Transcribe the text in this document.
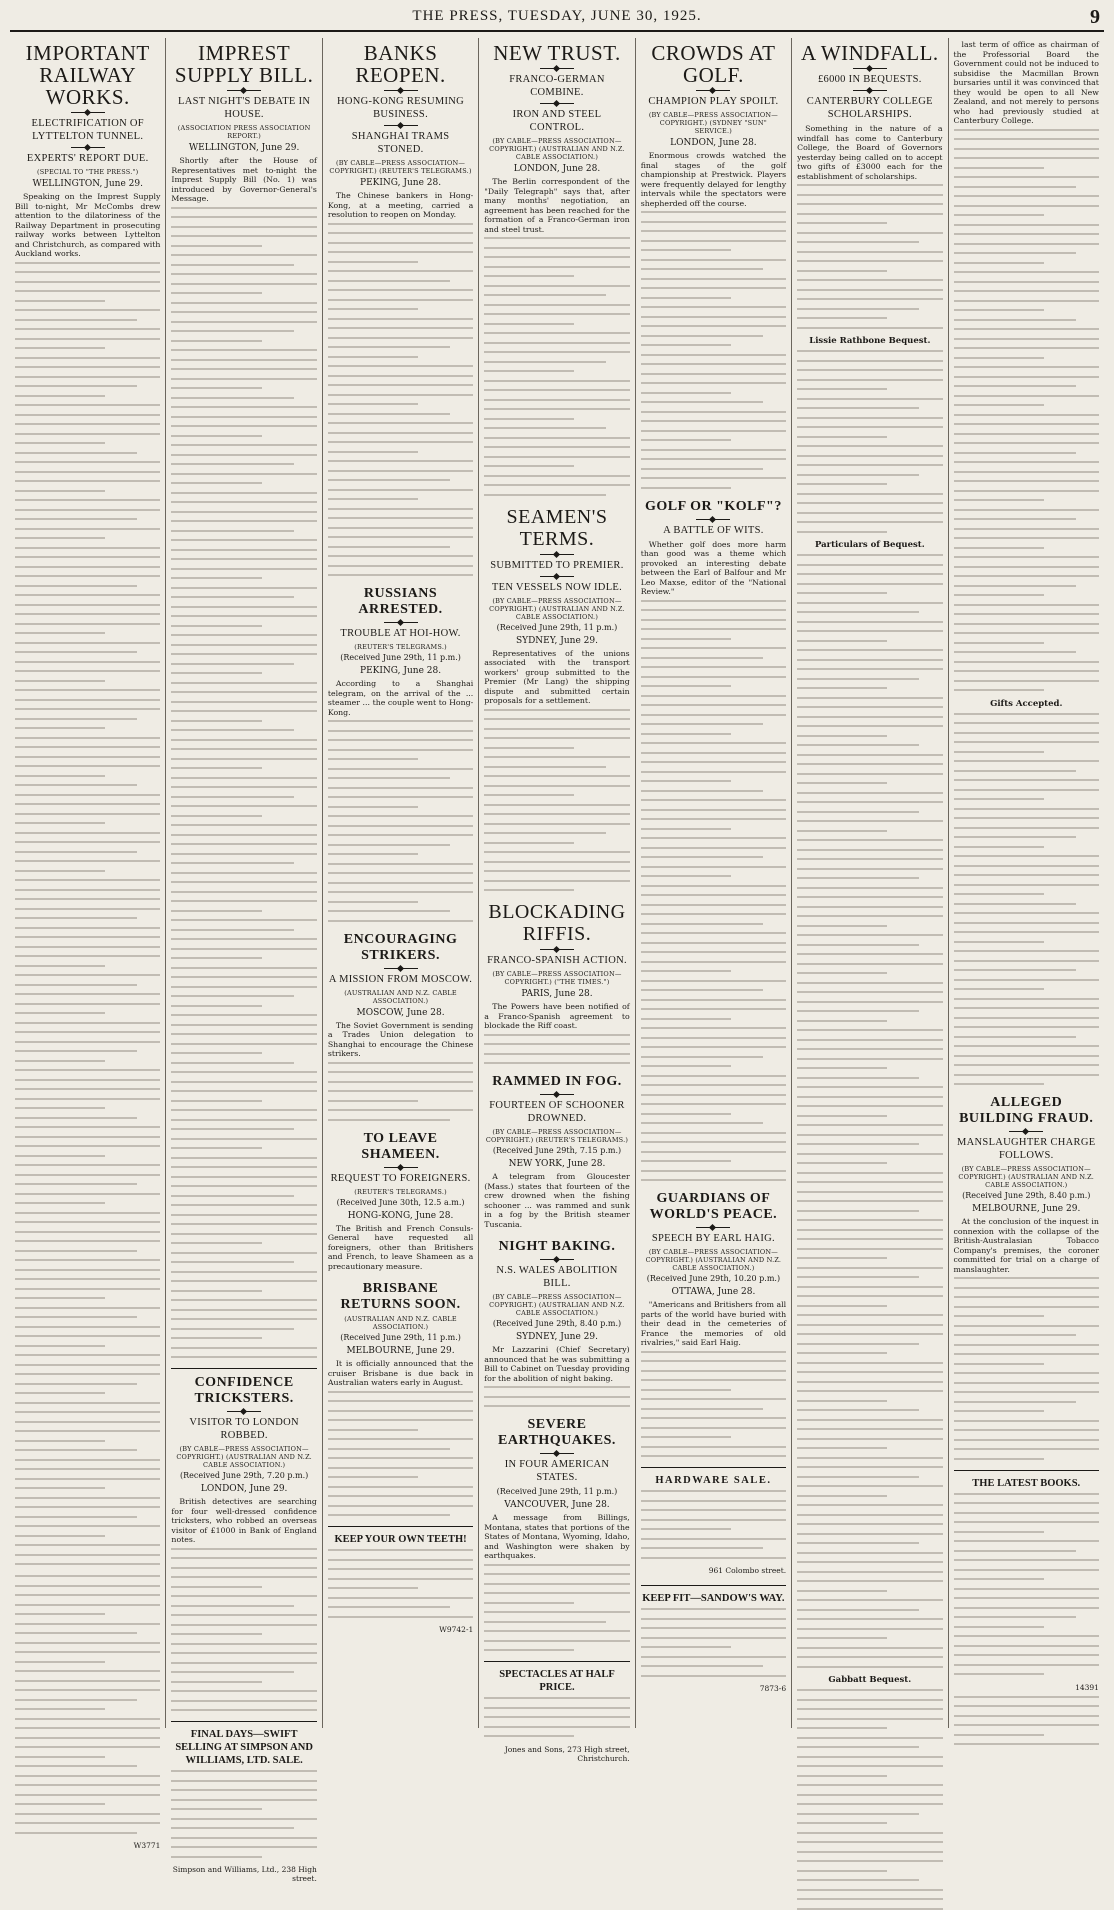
THE PRESS, TUESDAY, JUNE 30, 1925.	9
IMPORTANT RAILWAY WORKS.
ELECTRIFICATION OF LYTTELTON TUNNEL.
EXPERTS' REPORT DUE.
(SPECIAL TO "THE PRESS.")
WELLINGTON, June 29.

Speaking on the Imprest Supply Bill to-night, Mr McCombs drew attention to the dilatoriness of the Railway Department in prosecuting railway works between Lyttelton and Christchurch, as compared with Auckland works.

W3771
IMPREST SUPPLY BILL.
LAST NIGHT'S DEBATE IN HOUSE.
(ASSOCIATION PRESS ASSOCIATION REPORT.)
WELLINGTON, June 29.

Shortly after the House of Representatives met to-night the Imprest Supply Bill (No. 1) was introduced by Governor-General's Message.

CONFIDENCE TRICKSTERS.
VISITOR TO LONDON ROBBED.
(BY CABLE—PRESS ASSOCIATION—COPYRIGHT.) (AUSTRALIAN AND N.Z. CABLE ASSOCIATION.)
(Received June 29th, 7.20 p.m.)
LONDON, June 29.

British detectives are searching for four well-dressed confidence tricksters, who robbed an overseas visitor of £1000 in Bank of England notes.

FINAL DAYS—SWIFT SELLING AT SIMPSON AND WILLIAMS, LTD. SALE.
Simpson and Williams, Ltd., 238 High street.
BANKS REOPEN.
HONG-KONG RESUMING BUSINESS.
SHANGHAI TRAMS STONED.
(BY CABLE—PRESS ASSOCIATION—COPYRIGHT.) (REUTER'S TELEGRAMS.)
PEKING, June 28.

The Chinese bankers in Hong-Kong, at a meeting, carried a resolution to reopen on Monday.

RUSSIANS ARRESTED.
TROUBLE AT HOI-HOW.
(REUTER'S TELEGRAMS.)
(Received June 29th, 11 p.m.)
PEKING, June 28.

According to a Shanghai telegram, on the arrival of the ... steamer ... the couple went to Hong-Kong.

ENCOURAGING STRIKERS.
A MISSION FROM MOSCOW.
(AUSTRALIAN AND N.Z. CABLE ASSOCIATION.)
MOSCOW, June 28.

The Soviet Government is sending a Trades Union delegation to Shanghai to encourage the Chinese strikers.

TO LEAVE SHAMEEN.
REQUEST TO FOREIGNERS.
(REUTER'S TELEGRAMS.)
(Received June 30th, 12.5 a.m.)
HONG-KONG, June 28.

The British and French Consuls-General have requested all foreigners, other than Britishers and French, to leave Shameen as a precautionary measure.

BRISBANE RETURNS SOON.
(AUSTRALIAN AND N.Z. CABLE ASSOCIATION.)
(Received June 29th, 11 p.m.)
MELBOURNE, June 29.

It is officially announced that the cruiser Brisbane is due back in Australian waters early in August.

KEEP YOUR OWN TEETH!
W9742-1
NEW TRUST.
FRANCO-GERMAN COMBINE.
IRON AND STEEL CONTROL.
(BY CABLE—PRESS ASSOCIATION—COPYRIGHT.) (AUSTRALIAN AND N.Z. CABLE ASSOCIATION.)
LONDON, June 28.

The Berlin correspondent of the "Daily Telegraph" says that, after many months' negotiation, an agreement has been reached for the formation of a Franco-German iron and steel trust.

SEAMEN'S TERMS.
SUBMITTED TO PREMIER.
TEN VESSELS NOW IDLE.
(BY CABLE—PRESS ASSOCIATION—COPYRIGHT.) (AUSTRALIAN AND N.Z. CABLE ASSOCIATION.)
(Received June 29th, 11 p.m.)
SYDNEY, June 29.

Representatives of the unions associated with the transport workers' group submitted to the Premier (Mr Lang) the shipping dispute and submitted certain proposals for a settlement.

BLOCKADING RIFFIS.
FRANCO-SPANISH ACTION.
(BY CABLE—PRESS ASSOCIATION—COPYRIGHT.) ("THE TIMES.")
PARIS, June 28.

The Powers have been notified of a Franco-Spanish agreement to blockade the Riff coast.

RAMMED IN FOG.
FOURTEEN OF SCHOONER DROWNED.
(BY CABLE—PRESS ASSOCIATION—COPYRIGHT.) (REUTER'S TELEGRAMS.)
(Received June 29th, 7.15 p.m.)
NEW YORK, June 28.

A telegram from Gloucester (Mass.) states that fourteen of the crew drowned when the fishing schooner ... was rammed and sunk in a fog by the British steamer Tuscania.

NIGHT BAKING.
N.S. WALES ABOLITION BILL.
(BY CABLE—PRESS ASSOCIATION—COPYRIGHT.) (AUSTRALIAN AND N.Z. CABLE ASSOCIATION.)
(Received June 29th, 8.40 p.m.)
SYDNEY, June 29.

Mr Lazzarini (Chief Secretary) announced that he was submitting a Bill to Cabinet on Tuesday providing for the abolition of night baking.

SEVERE EARTHQUAKES.
IN FOUR AMERICAN STATES.
(Received June 29th, 11 p.m.)
VANCOUVER, June 28.

A message from Billings, Montana, states that portions of the States of Montana, Wyoming, Idaho, and Washington were shaken by earthquakes.

SPECTACLES AT HALF PRICE.
Jones and Sons, 273 High street, Christchurch.
CROWDS AT GOLF.
CHAMPION PLAY SPOILT.
(BY CABLE—PRESS ASSOCIATION—COPYRIGHT.) (SYDNEY "SUN" SERVICE.)
LONDON, June 28.

Enormous crowds watched the final stages of the golf championship at Prestwick. Players were frequently delayed for lengthy intervals while the spectators were shepherded off the course.

GOLF OR "KOLF"?
A BATTLE OF WITS.

Whether golf does more harm than good was a theme which provoked an interesting debate between the Earl of Balfour and Mr Leo Maxse, editor of the "National Review."

GUARDIANS OF WORLD'S PEACE.
SPEECH BY EARL HAIG.
(BY CABLE—PRESS ASSOCIATION—COPYRIGHT.) (AUSTRALIAN AND N.Z. CABLE ASSOCIATION.)
(Received June 29th, 10.20 p.m.)
OTTAWA, June 28.

"Americans and Britishers from all parts of the world have buried with their dead in the cemeteries of France the memories of old rivalries," said Earl Haig.

HARDWARE SALE.
961 Colombo street.
KEEP FIT—SANDOW'S WAY.
7873-6
A WINDFALL.
£6000 IN BEQUESTS.
CANTERBURY COLLEGE SCHOLARSHIPS.

Something in the nature of a windfall has come to Canterbury College, the Board of Governors yesterday being called on to accept two gifts of £3000 each for the establishment of scholarships.

Lissie Rathbone Bequest.
Particulars of Bequest.
Gabbatt Bequest.

last term of office as chairman of the Professorial Board the Government could not be induced to subsidise the Macmillan Brown bursaries until it was convinced that they would be open to all New Zealand, and not merely to persons who had previously studied at Canterbury College.

Gifts Accepted.
ALLEGED BUILDING FRAUD.
MANSLAUGHTER CHARGE FOLLOWS.
(BY CABLE—PRESS ASSOCIATION—COPYRIGHT.) (AUSTRALIAN AND N.Z. CABLE ASSOCIATION.)
(Received June 29th, 8.40 p.m.)
MELBOURNE, June 29.

At the conclusion of the inquest in connexion with the collapse of the British-Australasian Tobacco Company's premises, the coroner committed for trial on a charge of manslaughter.

THE LATEST BOOKS.
14391
